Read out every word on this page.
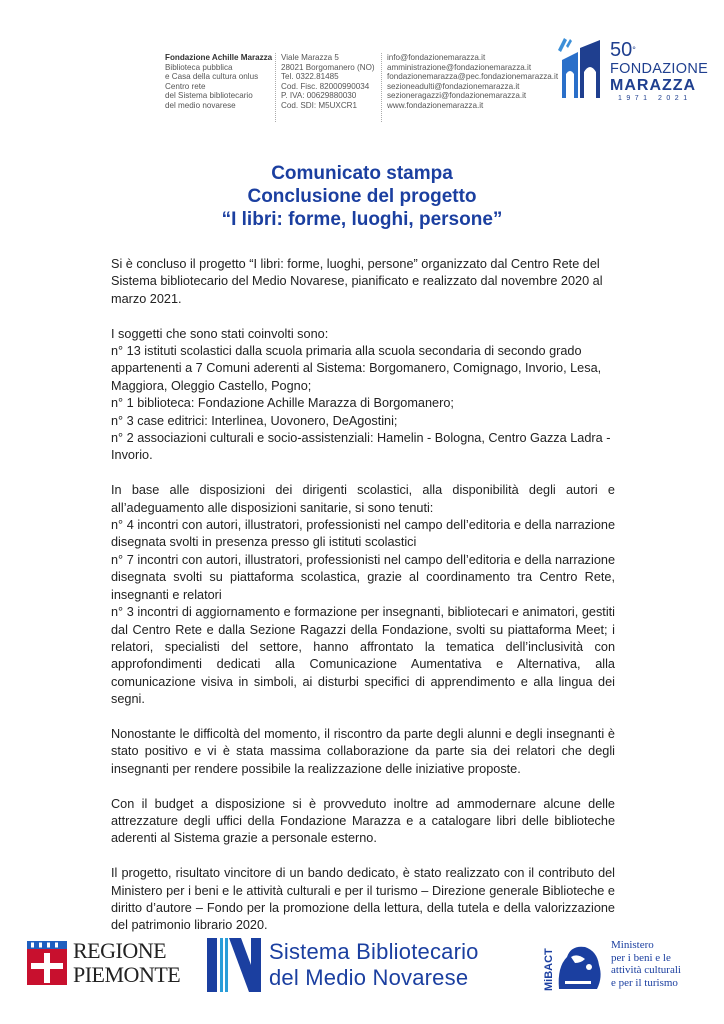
Fondazione Achille Marazza
Biblioteca pubblica
e Casa della cultura onlus
Centro rete
del Sistema bibliotecario
del medio novarese
Viale Marazza 5
28021 Borgomanero (NO)
Tel. 0322.81485
Cod. Fisc. 82000990034
P. IVA: 00629880030
Cod. SDI: M5UXCR1
info@fondazionemarazza.it
amministrazione@fondazionemarazza.it
fondazionemarazza@pec.fondazionemarazza.it
sezioneadulti@fondazionemarazza.it
sezioneragazzi@fondazionemarazza.it
www.fondazionemarazza.it
50°
FONDAZIONE
MARAZZA
1971 2021
Comunicato stampa
Conclusione del progetto
“I libri: forme, luoghi, persone”

Si è concluso il progetto “I libri: forme, luoghi, persone” organizzato dal Centro Rete del Sistema bibliotecario del Medio Novarese, pianificato e realizzato dal novembre 2020 al marzo 2021.

I soggetti che sono stati coinvolti sono:
n° 13 istituti scolastici dalla scuola primaria alla scuola secondaria di secondo grado appartenenti a 7 Comuni aderenti al Sistema: Borgomanero, Comignago, Invorio, Lesa, Maggiora, Oleggio Castello, Pogno;
n° 1 biblioteca: Fondazione Achille Marazza di Borgomanero;
n° 3 case editrici: Interlinea, Uovonero, DeAgostini;
n° 2 associazioni culturali e socio-assistenziali: Hamelin - Bologna, Centro Gazza Ladra - Invorio.

In base alle disposizioni dei dirigenti scolastici, alla disponibilità degli autori e all’adeguamento alle disposizioni sanitarie, si sono tenuti:
n° 4 incontri con autori, illustratori, professionisti nel campo dell’editoria e della narrazione disegnata svolti in presenza presso gli istituti scolastici
n° 7 incontri con autori, illustratori, professionisti nel campo dell’editoria e della narrazione disegnata svolti su piattaforma scolastica, grazie al coordinamento tra Centro Rete, insegnanti e relatori
n° 3 incontri di aggiornamento e formazione per insegnanti, bibliotecari e animatori, gestiti dal Centro Rete e dalla Sezione Ragazzi della Fondazione, svolti su piattaforma Meet; i relatori, specialisti del settore, hanno affrontato la tematica dell’inclusività con approfondimenti dedicati alla Comunicazione Aumentativa e Alternativa, alla comunicazione visiva in simboli, ai disturbi specifici di apprendimento e alla lingua dei segni.

Nonostante le difficoltà del momento, il riscontro da parte degli alunni e degli insegnanti è stato positivo e vi è stata massima collaborazione da parte sia dei relatori che degli insegnanti per rendere possibile la realizzazione delle iniziative proposte.

Con il budget a disposizione si è provveduto inoltre ad ammodernare alcune delle attrezzature degli uffici della Fondazione Marazza e a catalogare libri delle biblioteche aderenti al Sistema grazie a personale esterno.

Il progetto, risultato vincitore di un bando dedicato, è stato realizzato con il contributo del Ministero per i beni e le attività culturali e per il turismo – Direzione generale Biblioteche e diritto d’autore – Fondo per la promozione della lettura, della tutela e della valorizzazione del patrimonio librario 2020.

REGIONE
PIEMONTE
Sistema Bibliotecario
del Medio Novarese	MiBACT
Ministero
per i beni e le
attività culturali
e per il turismo
